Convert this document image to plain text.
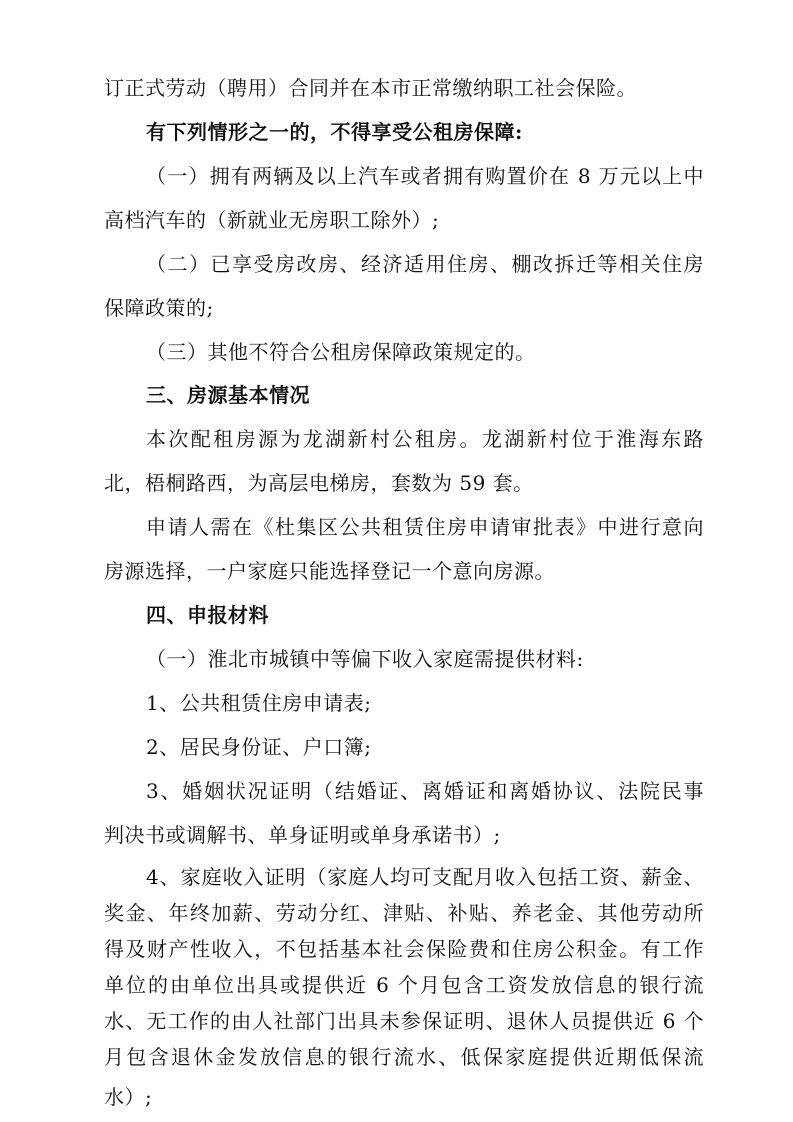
订正式劳动（聘用）合同并在本市正常缴纳职工社会保险。
有下列情形之一的，不得享受公租房保障:
（一）拥有两辆及以上汽车或者拥有购置价在 8 万元以上中
高档汽车的（新就业无房职工除外）;
（二）已享受房改房、经济适用住房、棚改拆迁等相关住房
保障政策的;
（三）其他不符合公租房保障政策规定的。
三、房源基本情况
本次配租房源为龙湖新村公租房。龙湖新村位于淮海东路
北，梧桐路西，为高层电梯房，套数为 59 套。
申请人需在《杜集区公共租赁住房申请审批表》中进行意向
房源选择，一户家庭只能选择登记一个意向房源。
四、申报材料
（一）淮北市城镇中等偏下收入家庭需提供材料:
1、公共租赁住房申请表;
2、居民身份证、户口簿;
3、婚姻状况证明（结婚证、离婚证和离婚协议、法院民事
判决书或调解书、单身证明或单身承诺书）;
4、家庭收入证明（家庭人均可支配月收入包括工资、薪金、
奖金、年终加薪、劳动分红、津贴、补贴、养老金、其他劳动所
得及财产性收入，不包括基本社会保险费和住房公积金。有工作
单位的由单位出具或提供近 6 个月包含工资发放信息的银行流
水、无工作的由人社部门出具未参保证明、退休人员提供近 6 个
月包含退休金发放信息的银行流水、低保家庭提供近期低保流
水）;
